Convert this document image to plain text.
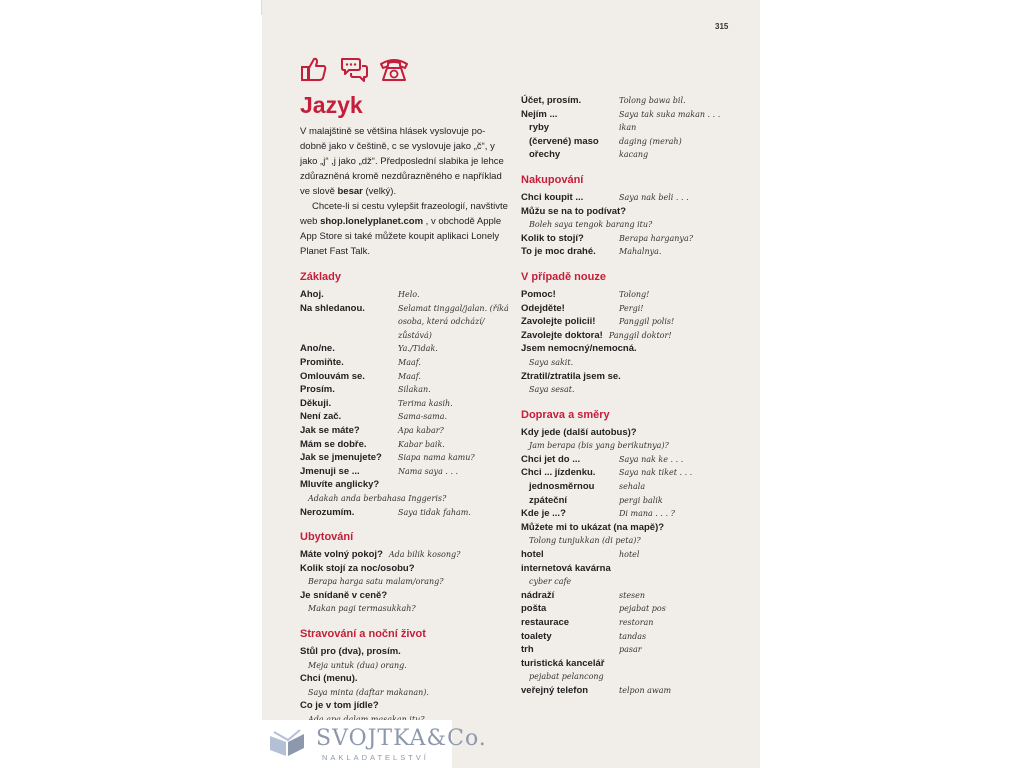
315
Jazyk

V malajštině se většina hlásek vyslovuje po- dobně jako v češtině, c se vyslovuje jako „č“, y jako „j“ ,j jako „dž“. Předposlední slabika je lehce zdůrazněná kromě nezdůrazněného e například ve slově besar (velký).

Chcete-li si cestu vylepšit frazeologií, navštivte web shop.lonelyplanet.com , v obchodě Apple App Store si také můžete koupit aplikaci Lonely Planet Fast Talk.

Základy
Ahoj.	Helo.
Na shledanou.	Selamat tinggal/jalan. (říká osoba, která odchází/ zůstává)
Ano/ne.	Ya./Tidak.
Promiňte.	Maaf.
Omlouvám se.	Maaf.
Prosím.	Silakan.
Děkuji.	Terima kasih.
Není zač.	Sama-sama.
Jak se máte?	Apa kabar?
Mám se dobře.	Kabar baik.
Jak se jmenujete?	Siapa nama kamu?
Jmenuji se ...	Nama saya . . .
Mluvíte anglicky?
Adakah anda berbahasa Inggeris?
Nerozumím.	Saya tidak faham.
Ubytování
Máte volný pokoj? Ada bilik kosong?
Kolik stojí za noc/osobu?
Berapa harga satu malam/orang?
Je snídaně v ceně?
Makan pagi termasukkah?
Stravování a noční život
Stůl pro (dva), prosím.
Meja untuk (dua) orang.
Chci (menu).
Saya minta (daftar makanan).
Co je v tom jídle?
Účet, prosím.	Tolong bawa bil.
Nejím ...	Saya tak suka makan . . .
ryby	ikan
(červené) maso	daging (merah)
ořechy	kacang
Nakupování
Chci koupit ...	Saya nak beli . . .
Můžu se na to podívat?
Boleh saya tengok barang itu?
Kolik to stojí?	Berapa harganya?
To je moc drahé.	Mahalnya.
V případě nouze
Pomoc!	Tolong!
Odejděte!	Pergi!
Zavolejte policii!	Panggil polis!
Zavolejte doktora! Panggil doktor!
Jsem nemocný/nemocná.
Saya sakit.
Ztratil/ztratila jsem se.
Saya sesat.
Doprava a směry
Kdy jede (další autobus)?
Jam berapa (bis yang berikutnya)?
Chci jet do ...	Saya nak ke . . .
Chci ... jízdenku.	Saya nak tiket . . .
jednosměrnou	sehala
zpáteční	pergi balik
Kde je ...?	Di mana . . . ?
Můžete mi to ukázat (na mapě)?
Tolong tunjukkan (di peta)?
hotel	hotel
internetová kavárna
cyber cafe
nádraží	stesen
pošta	pejabat pos
restaurace	restoran
toalety	tandas
trh	pasar
turistická kancelář
pejabat pelancong
veřejný telefon	telpon awam
SVOJTKA&Co.
NAKLADATELSTVÍ
